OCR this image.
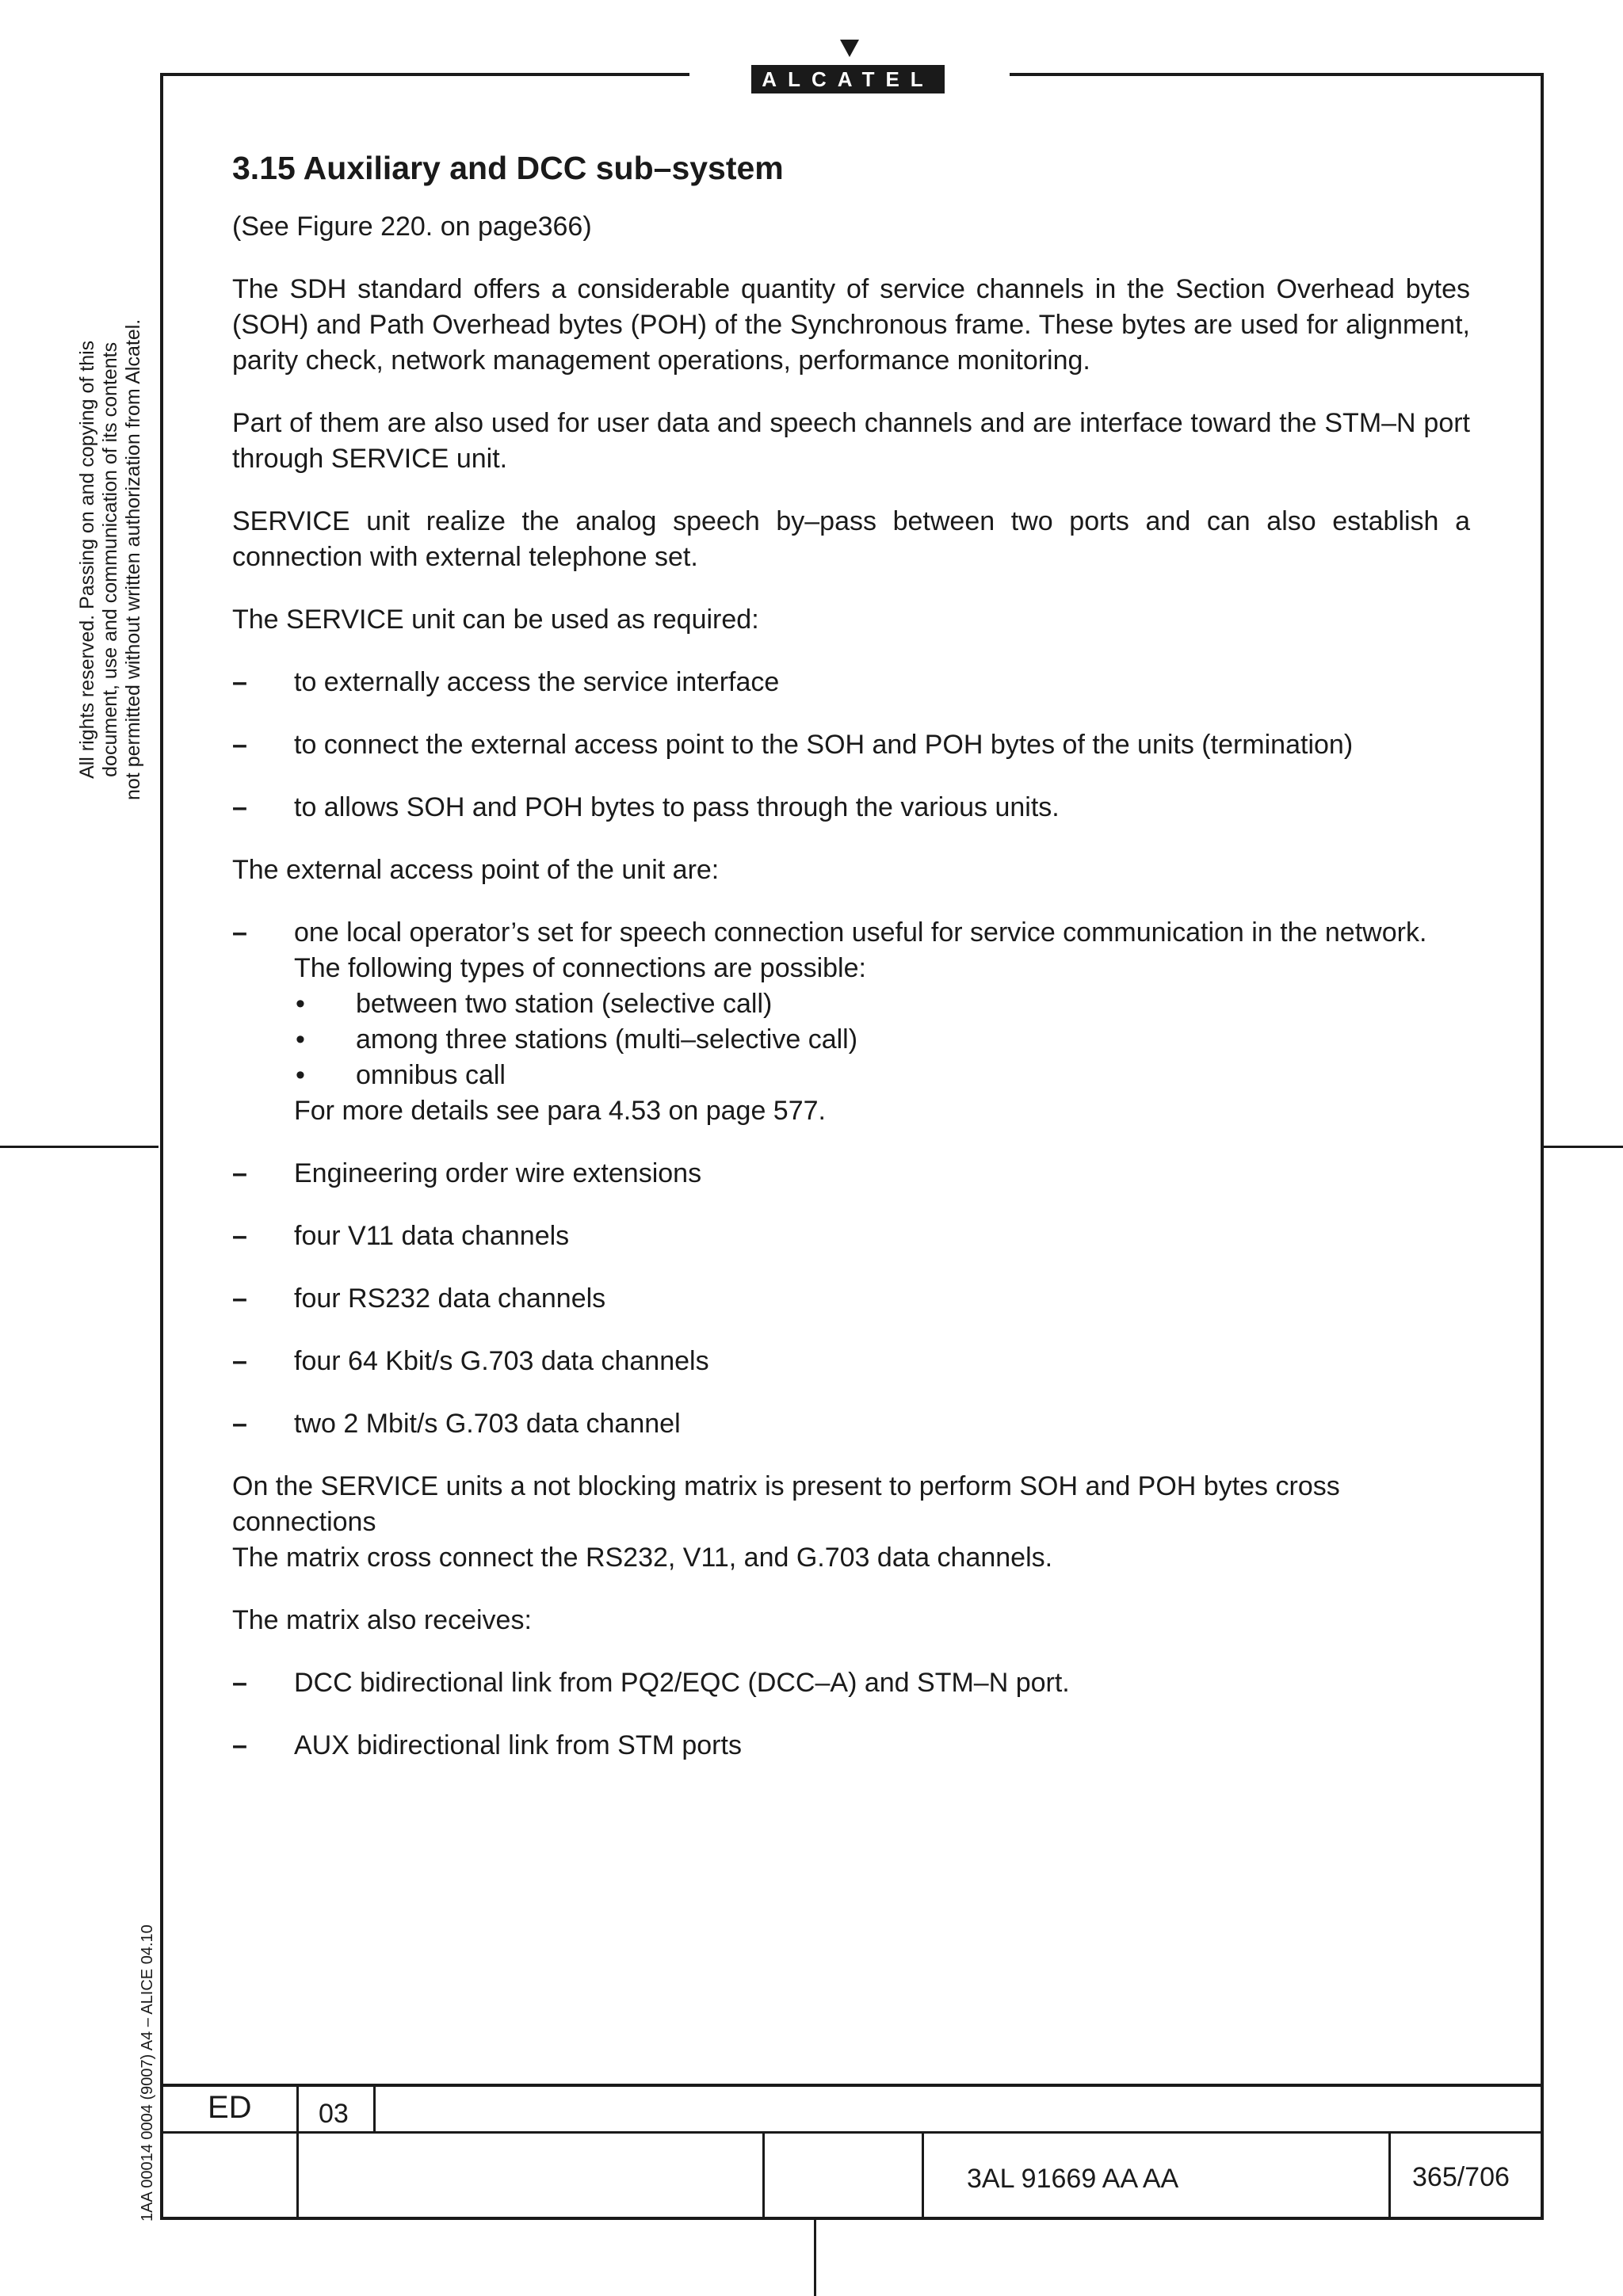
ALCATEL
All rights reserved. Passing on and copying of this document, use and communication of its contents not permitted without written authorization from Alcatel.
1AA 00014 0004 (9007) A4 – ALICE 04.10
3.15 Auxiliary and DCC sub–system

(See Figure 220. on page366)

The SDH standard offers a considerable quantity of service channels in the Section Overhead bytes (SOH) and Path Overhead bytes (POH) of the Synchronous frame. These bytes are used for alignment, parity check, network management operations, performance monitoring.

Part of them are also used for user data and speech channels and are interface toward the STM–N port through SERVICE unit.

SERVICE unit realize the analog speech by–pass between two ports and can also establish a connection with external telephone set.

The SERVICE unit can be used as required:

– to externally access the service interface
– to connect the external access point to the SOH and POH bytes of the units (termination)
– to allows SOH and POH bytes to pass through the various units.

The external access point of the unit are:

– one local operator’s set for speech connection useful for service communication in the network.
The following types of connections are possible:
• between two station (selective call)
• among three stations (multi–selective call)
• omnibus call
For more details see para 4.53 on page 577.
– Engineering order wire extensions
– four V11 data channels
– four RS232 data channels
– four 64 Kbit/s G.703 data channels
– two 2 Mbit/s G.703 data channel

On the SERVICE units a not blocking matrix is present to perform SOH and POH bytes cross connections
The matrix cross connect the RS232, V11, and G.703 data channels.

The matrix also receives:

– DCC bidirectional link from PQ2/EQC (DCC–A) and STM–N port.
– AUX bidirectional link from STM ports
ED 03
3AL 91669 AA AA	365/706
